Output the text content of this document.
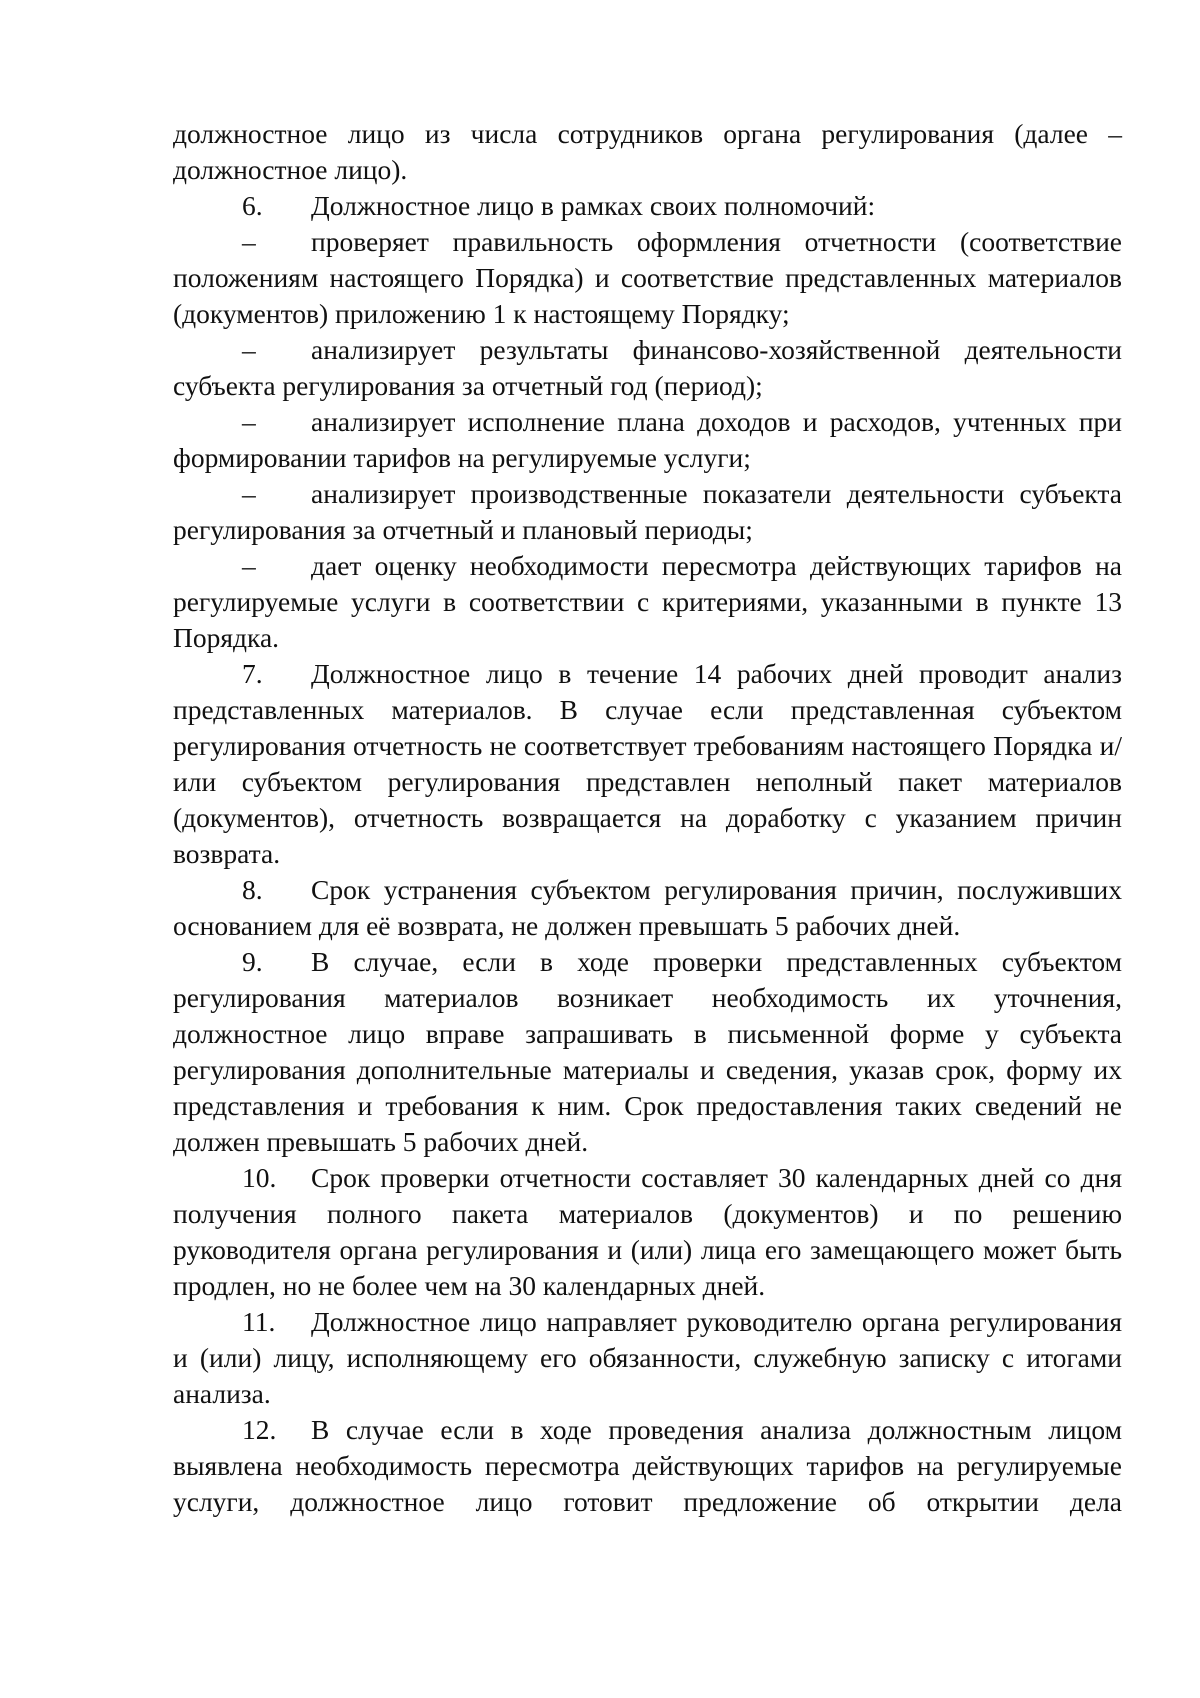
должностное лицо из числа сотрудников органа регулирования (далее – должностное лицо).

6. Должностное лицо в рамках своих полномочий:

– проверяет правильность оформления отчетности (соответствие положениям настоящего Порядка) и соответствие представленных материалов (документов) приложению 1 к настоящему Порядку;

– анализирует результаты финансово-хозяйственной деятельности субъекта регулирования за отчетный год (период);

– анализирует исполнение плана доходов и расходов, учтенных при формировании тарифов на регулируемые услуги;

– анализирует производственные показатели деятельности субъекта регулирования за отчетный и плановый периоды;

– дает оценку необходимости пересмотра действующих тарифов на регулируемые услуги в соответствии с критериями, указанными в пункте 13 Порядка.

7. Должностное лицо в течение 14 рабочих дней проводит анализ представленных материалов. В случае если представленная субъектом регулирования отчетность не соответствует требованиям настоящего Порядка и/или субъектом регулирования представлен неполный пакет материалов (документов), отчетность возвращается на доработку с указанием причин возврата.

8. Срок устранения субъектом регулирования причин, послуживших основанием для её возврата, не должен превышать 5 рабочих дней.

9. В случае, если в ходе проверки представленных субъектом регулирования материалов возникает необходимость их уточнения, должностное лицо вправе запрашивать в письменной форме у субъекта регулирования дополнительные материалы и сведения, указав срок, форму их представления и требования к ним. Срок предоставления таких сведений не должен превышать 5 рабочих дней.

10. Срок проверки отчетности составляет 30 календарных дней со дня получения полного пакета материалов (документов) и по решению руководителя органа регулирования и (или) лица его замещающего может быть продлен, но не более чем на 30 календарных дней.

11. Должностное лицо направляет руководителю органа регулирования и (или) лицу, исполняющему его обязанности, служебную записку с итогами анализа.

12. В случае если в ходе проведения анализа должностным лицом выявлена необходимость пересмотра действующих тарифов на регулируемые услуги, должностное лицо готовит предложение об открытии дела
